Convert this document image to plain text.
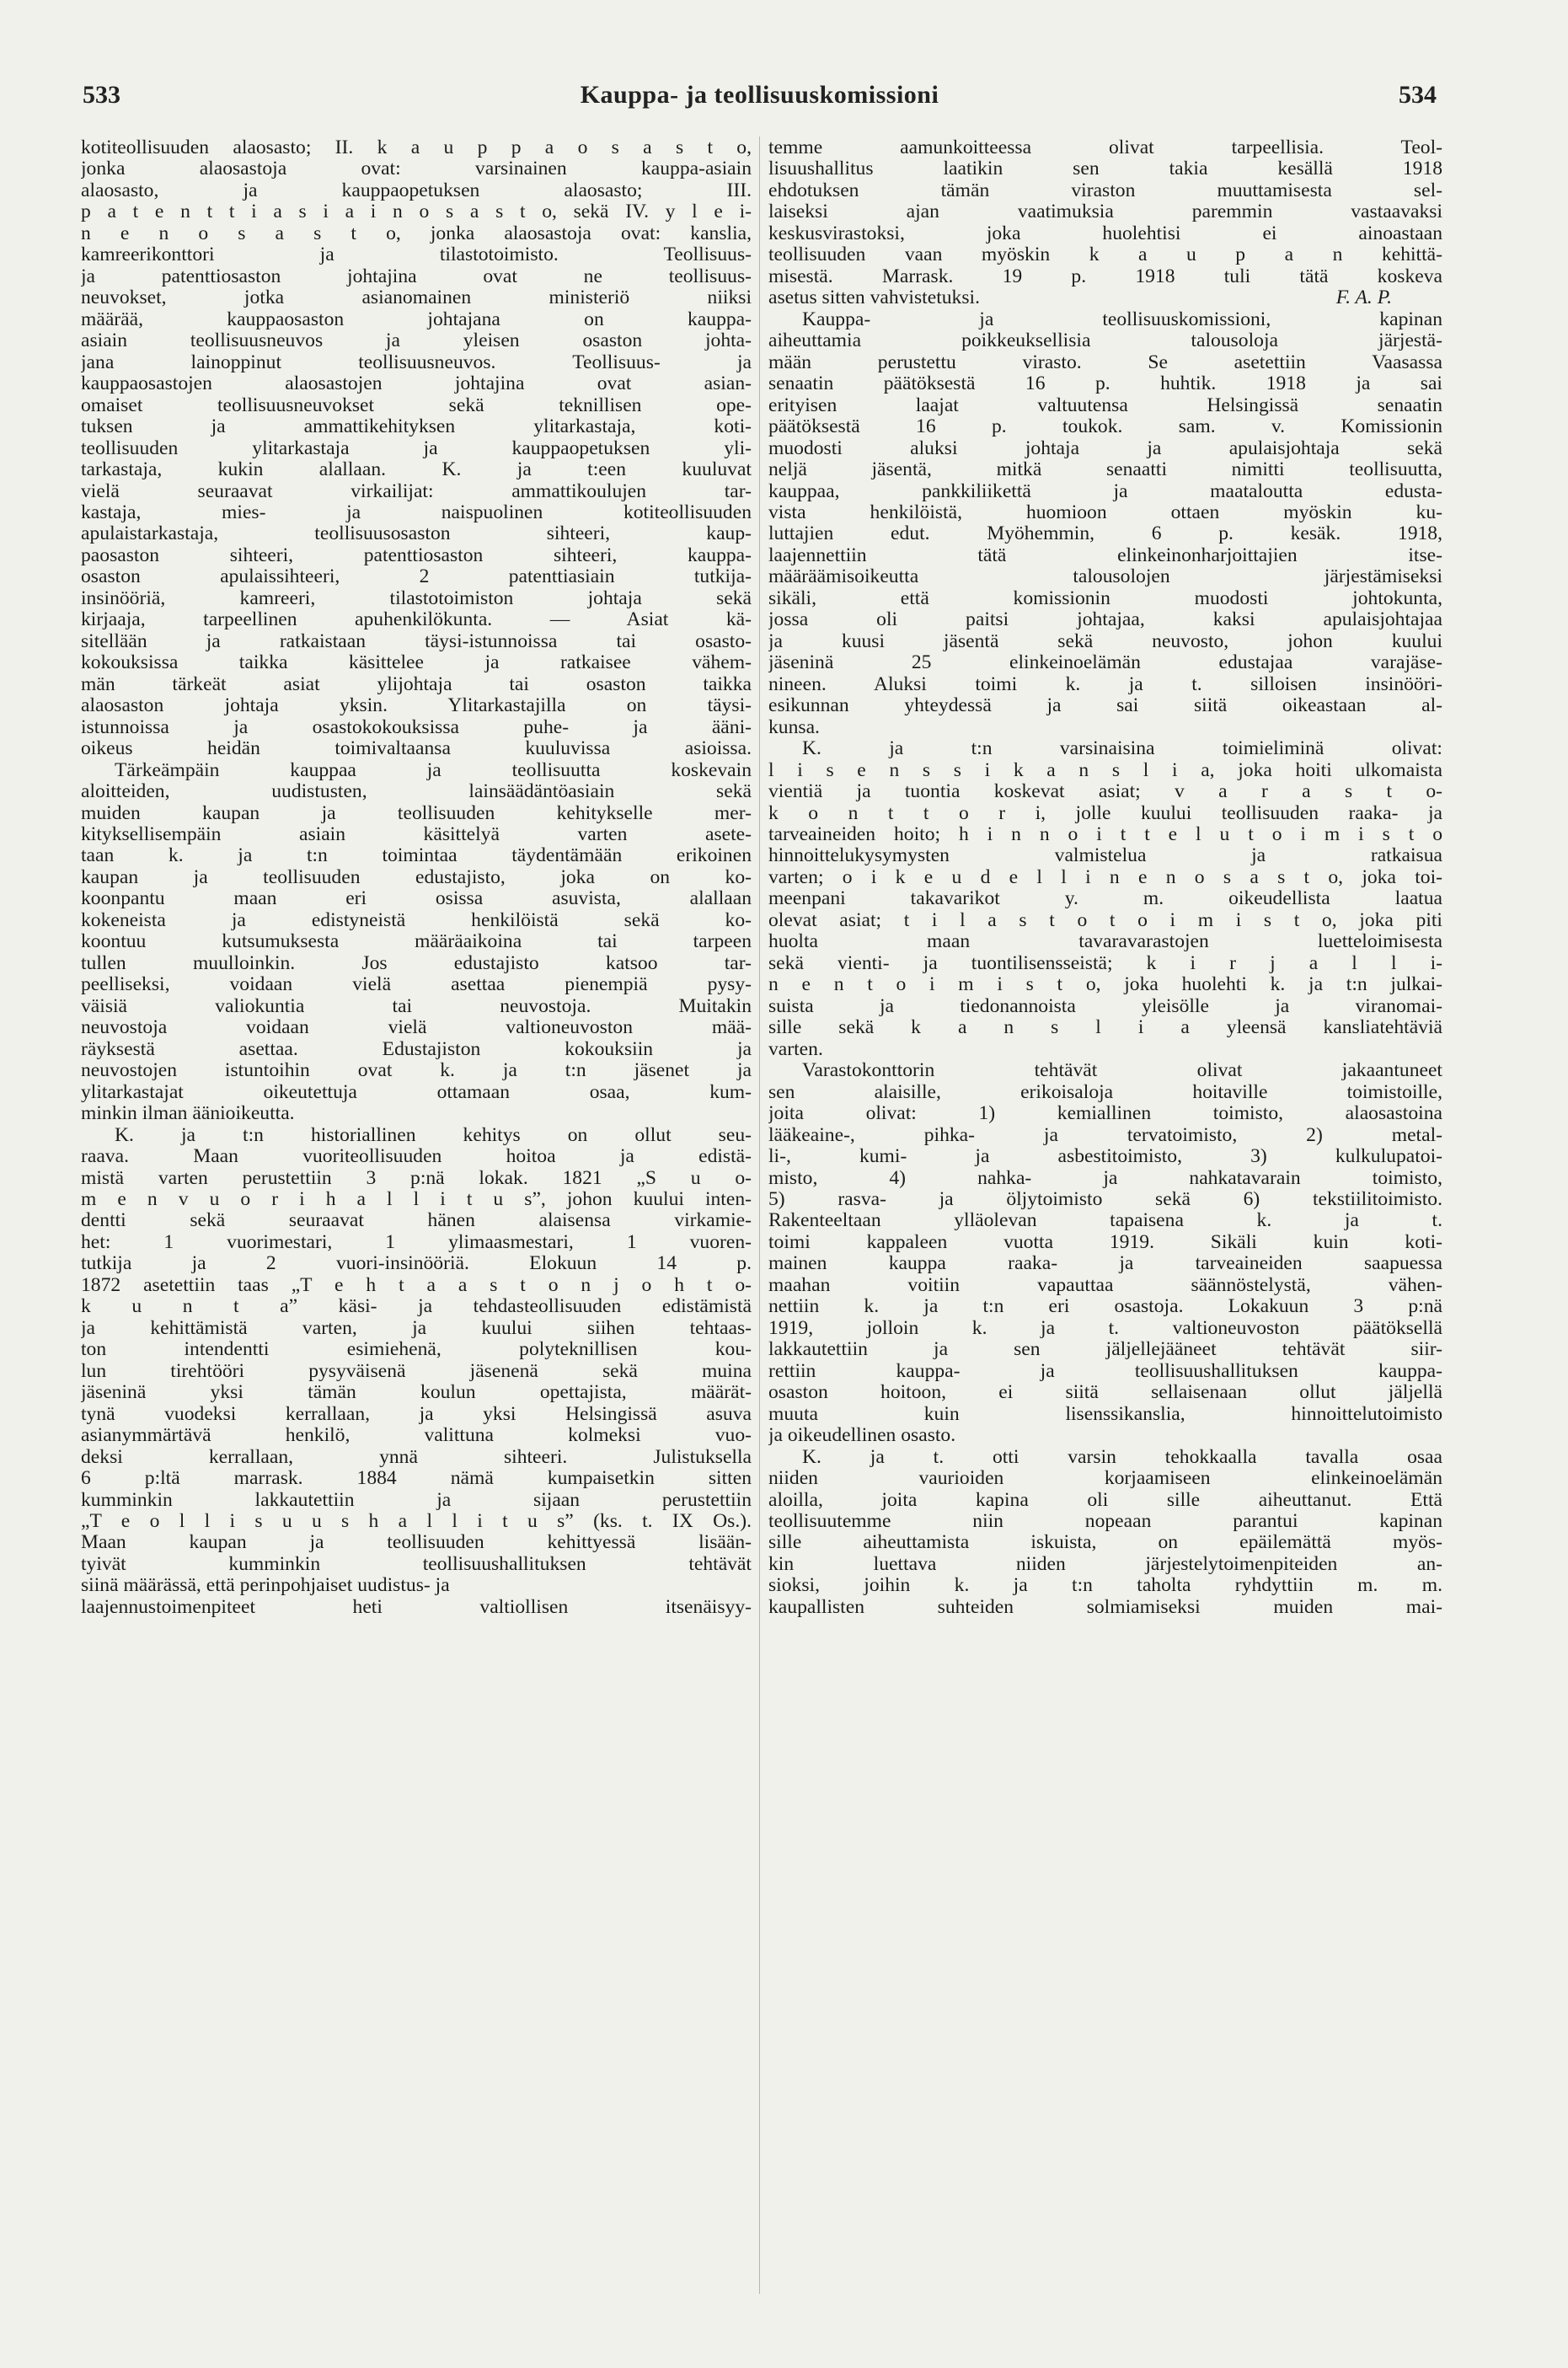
533	Kauppa- ja teollisuuskomissioni	534
kotiteollisuuden alaosasto; II. k a u p p a o s a s t o,
jonka alaosastoja ovat: varsinainen kauppa-asiain
alaosasto, ja kauppaopetuksen alaosasto; III.
p a t e n t t i a s i a i n o s a s t o, sekä IV. y l e i-
n e n o s a s t o, jonka alaosastoja ovat: kanslia,
kamreerikonttori ja tilastotoimisto. Teollisuus-
ja patenttiosaston johtajina ovat ne teollisuus-
neuvokset, jotka asianomainen ministeriö niiksi
määrää, kauppaosaston johtajana on kauppa-
asiain teollisuusneuvos ja yleisen osaston johta-
jana lainoppinut teollisuusneuvos. Teollisuus- ja
kauppaosastojen alaosastojen johtajina ovat asian-
omaiset teollisuusneuvokset sekä teknillisen ope-
tuksen ja ammattikehityksen ylitarkastaja, koti-
teollisuuden ylitarkastaja ja kauppaopetuksen yli-
tarkastaja, kukin alallaan. K. ja t:een kuuluvat
vielä seuraavat virkailijat: ammattikoulujen tar-
kastaja, mies- ja naispuolinen kotiteollisuuden
apulaistarkastaja, teollisuusosaston sihteeri, kaup-
paosaston sihteeri, patenttiosaston sihteeri, kauppa-
osaston apulaissihteeri, 2 patenttiasiain tutkija-
insinööriä, kamreeri, tilastotoimiston johtaja sekä
kirjaaja, tarpeellinen apuhenkilökunta. — Asiat kä-
sitellään ja ratkaistaan täysi-istunnoissa tai osasto-
kokouksissa taikka käsittelee ja ratkaisee vähem-
män tärkeät asiat ylijohtaja tai osaston taikka
alaosaston johtaja yksin. Ylitarkastajilla on täysi-
istunnoissa ja osastokokouksissa puhe- ja ääni-
oikeus heidän toimivaltaansa kuuluvissa asioissa.
Tärkeämpäin kauppaa ja teollisuutta koskevain
aloitteiden, uudistusten, lainsäädäntöasiain sekä
muiden kaupan ja teollisuuden kehitykselle mer-
kityksellisempäin asiain käsittelyä varten asete-
taan k. ja t:n toimintaa täydentämään erikoinen
kaupan ja teollisuuden edustajisto, joka on ko-
koonpantu maan eri osissa asuvista, alallaan
kokeneista ja edistyneistä henkilöistä sekä ko-
koontuu kutsumuksesta määräaikoina tai tarpeen
tullen muulloinkin. Jos edustajisto katsoo tar-
peelliseksi, voidaan vielä asettaa pienempiä pysy-
väisiä valiokuntia tai neuvostoja. Muitakin
neuvostoja voidaan vielä valtioneuvoston mää-
räyksestä asettaa. Edustajiston kokouksiin ja
neuvostojen istuntoihin ovat k. ja t:n jäsenet ja
ylitarkastajat oikeutettuja ottamaan osaa, kum-
minkin ilman äänioikeutta.
K. ja t:n historiallinen kehitys on ollut seu-
raava. Maan vuoriteollisuuden hoitoa ja edistä-
mistä varten perustettiin 3 p:nä lokak. 1821 „S u o-
m e n v u o r i h a l l i t u s”, johon kuului inten-
dentti sekä seuraavat hänen alaisensa virkamie-
het: 1 vuorimestari, 1 ylimaasmestari, 1 vuoren-
tutkija ja 2 vuori-insinööriä. Elokuun 14 p.
1872 asetettiin taas „T e h t a a s t o n j o h t o-
k u n t a” käsi- ja tehdasteollisuuden edistämistä
ja kehittämistä varten, ja kuului siihen tehtaas-
ton intendentti esimiehenä, polyteknillisen kou-
lun tirehtööri pysyväisenä jäsenenä sekä muina
jäseninä yksi tämän koulun opettajista, määrät-
tynä vuodeksi kerrallaan, ja yksi Helsingissä asuva
asianymmärtävä henkilö, valittuna kolmeksi vuo-
deksi kerrallaan, ynnä sihteeri. Julistuksella
6 p:ltä marrask. 1884 nämä kumpaisetkin sitten
kumminkin lakkautettiin ja sijaan perustettiin
„T e o l l i s u u s h a l l i t u s” (ks. t. IX Os.).
Maan kaupan ja teollisuuden kehittyessä lisään-
tyivät kumminkin teollisuushallituksen tehtävät
siinä määrässä, että perinpohjaiset uudistus- ja
laajennustoimenpiteet heti valtiollisen itsenäisyy-
temme aamunkoitteessa olivat tarpeellisia. Teol-
lisuushallitus laatikin sen takia kesällä 1918
ehdotuksen tämän viraston muuttamisesta sel-
laiseksi ajan vaatimuksia paremmin vastaavaksi
keskusvirastoksi, joka huolehtisi ei ainoastaan
teollisuuden vaan myöskin k a u p a n kehittä-
misestä. Marrask. 19 p. 1918 tuli tätä koskeva
F. A. P.
asetus sitten vahvistetuksi.
Kauppa- ja teollisuuskomissioni, kapinan
aiheuttamia poikkeuksellisia talousoloja järjestä-
mään perustettu virasto. Se asetettiin Vaasassa
senaatin päätöksestä 16 p. huhtik. 1918 ja sai
erityisen laajat valtuutensa Helsingissä senaatin
päätöksestä 16 p. toukok. sam. v. Komissionin
muodosti aluksi johtaja ja apulaisjohtaja sekä
neljä jäsentä, mitkä senaatti nimitti teollisuutta,
kauppaa, pankkiliikettä ja maataloutta edusta-
vista henkilöistä, huomioon ottaen myöskin ku-
luttajien edut. Myöhemmin, 6 p. kesäk. 1918,
laajennettiin tätä elinkeinonharjoittajien itse-
määräämisoikeutta talousolojen järjestämiseksi
sikäli, että komissionin muodosti johtokunta,
jossa oli paitsi johtajaa, kaksi apulaisjohtajaa
ja kuusi jäsentä sekä neuvosto, johon kuului
jäseninä 25 elinkeinoelämän edustajaa varajäse-
nineen. Aluksi toimi k. ja t. silloisen insinööri-
esikunnan yhteydessä ja sai siitä oikeastaan al-
kunsa.
K. ja t:n varsinaisina toimieliminä olivat:
l i s e n s s i k a n s l i a, joka hoiti ulkomaista
vientiä ja tuontia koskevat asiat; v a r a s t o-
k o n t t o r i, jolle kuului teollisuuden raaka- ja
tarveaineiden hoito; h i n n o i t t e l u t o i m i s t o
hinnoittelukysymysten valmistelua ja ratkaisua
varten; o i k e u d e l l i n e n o s a s t o, joka toi-
meenpani takavarikot y. m. oikeudellista laatua
olevat asiat; t i l a s t o t o i m i s t o, joka piti
huolta maan tavaravarastojen luetteloimisesta
sekä vienti- ja tuontilisensseistä; k i r j a l l i-
n e n t o i m i s t o, joka huolehti k. ja t:n julkai-
suista ja tiedonannoista yleisölle ja viranomai-
sille sekä k a n s l i a yleensä kansliatehtäviä
varten.
Varastokonttorin tehtävät olivat jakaantuneet
sen alaisille, erikoisaloja hoitaville toimistoille,
joita olivat: 1) kemiallinen toimisto, alaosastoina
lääkeaine-, pihka- ja tervatoimisto, 2) metal-
li-, kumi- ja asbestitoimisto, 3) kulkulupatoi-
misto, 4) nahka- ja nahkatavarain toimisto,
5) rasva- ja öljytoimisto sekä 6) tekstiilitoimisto.
Rakenteeltaan ylläolevan tapaisena k. ja t.
toimi kappaleen vuotta 1919. Sikäli kuin koti-
mainen kauppa raaka- ja tarveaineiden saapuessa
maahan voitiin vapauttaa säännöstelystä, vähen-
nettiin k. ja t:n eri osastoja. Lokakuun 3 p:nä
1919, jolloin k. ja t. valtioneuvoston päätöksellä
lakkautettiin ja sen jäljellejääneet tehtävät siir-
rettiin kauppa- ja teollisuushallituksen kauppa-
osaston hoitoon, ei siitä sellaisenaan ollut jäljellä
muuta kuin lisenssikanslia, hinnoittelutoimisto
ja oikeudellinen osasto.
K. ja t. otti varsin tehokkaalla tavalla osaa
niiden vaurioiden korjaamiseen elinkeinoelämän
aloilla, joita kapina oli sille aiheuttanut. Että
teollisuutemme niin nopeaan parantui kapinan
sille aiheuttamista iskuista, on epäilemättä myös-
kin luettava niiden järjestelytoimenpiteiden an-
sioksi, joihin k. ja t:n taholta ryhdyttiin m. m.
kaupallisten suhteiden solmiamiseksi muiden mai-
